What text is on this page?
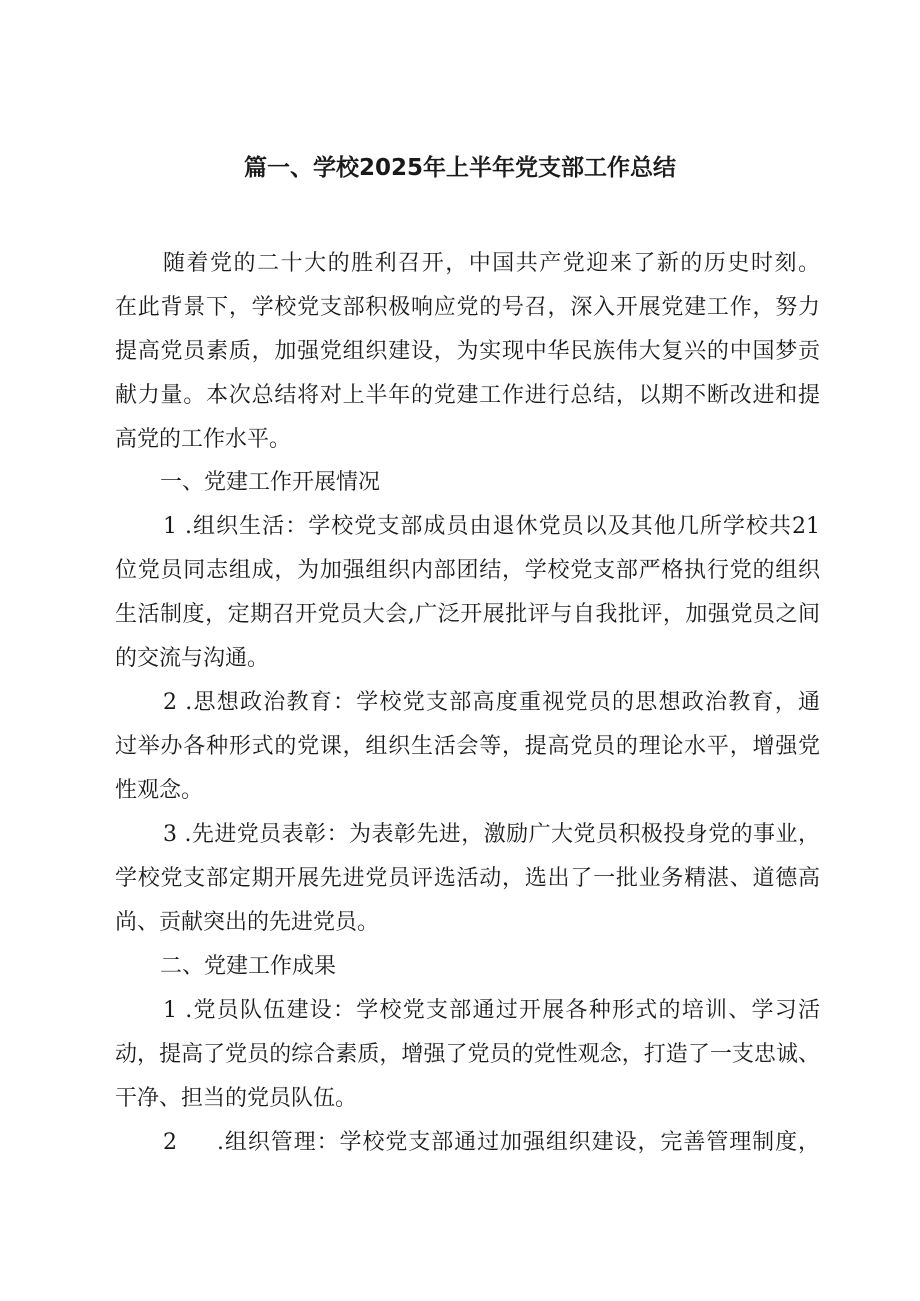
篇一、学校2025年上半年党支部工作总结
随着党的二十大的胜利召开，中国共产党迎来了新的历史时刻。
在此背景下，学校党支部积极响应党的号召，深入开展党建工作，努力
提高党员素质，加强党组织建设，为实现中华民族伟大复兴的中国梦贡
献力量。本次总结将对上半年的党建工作进行总结，以期不断改进和提
高党的工作水平。
一、党建工作开展情况
1 .组织生活：学校党支部成员由退休党员以及其他几所学校共21
位党员同志组成，为加强组织内部团结，学校党支部严格执行党的组织
生活制度，定期召开党员大会,广泛开展批评与自我批评，加强党员之间
的交流与沟通。
2 .思想政治教育：学校党支部高度重视党员的思想政治教育，通
过举办各种形式的党课，组织生活会等，提高党员的理论水平，增强党
性观念。
3 .先进党员表彰：为表彰先进，激励广大党员积极投身党的事业，
学校党支部定期开展先进党员评选活动，选出了一批业务精湛、道德高
尚、贡献突出的先进党员。
二、党建工作成果
1 .党员队伍建设：学校党支部通过开展各种形式的培训、学习活
动，提高了党员的综合素质，增强了党员的党性观念，打造了一支忠诚、
干净、担当的党员队伍。
2 .组织管理：学校党支部通过加强组织建设，完善管理制度，
